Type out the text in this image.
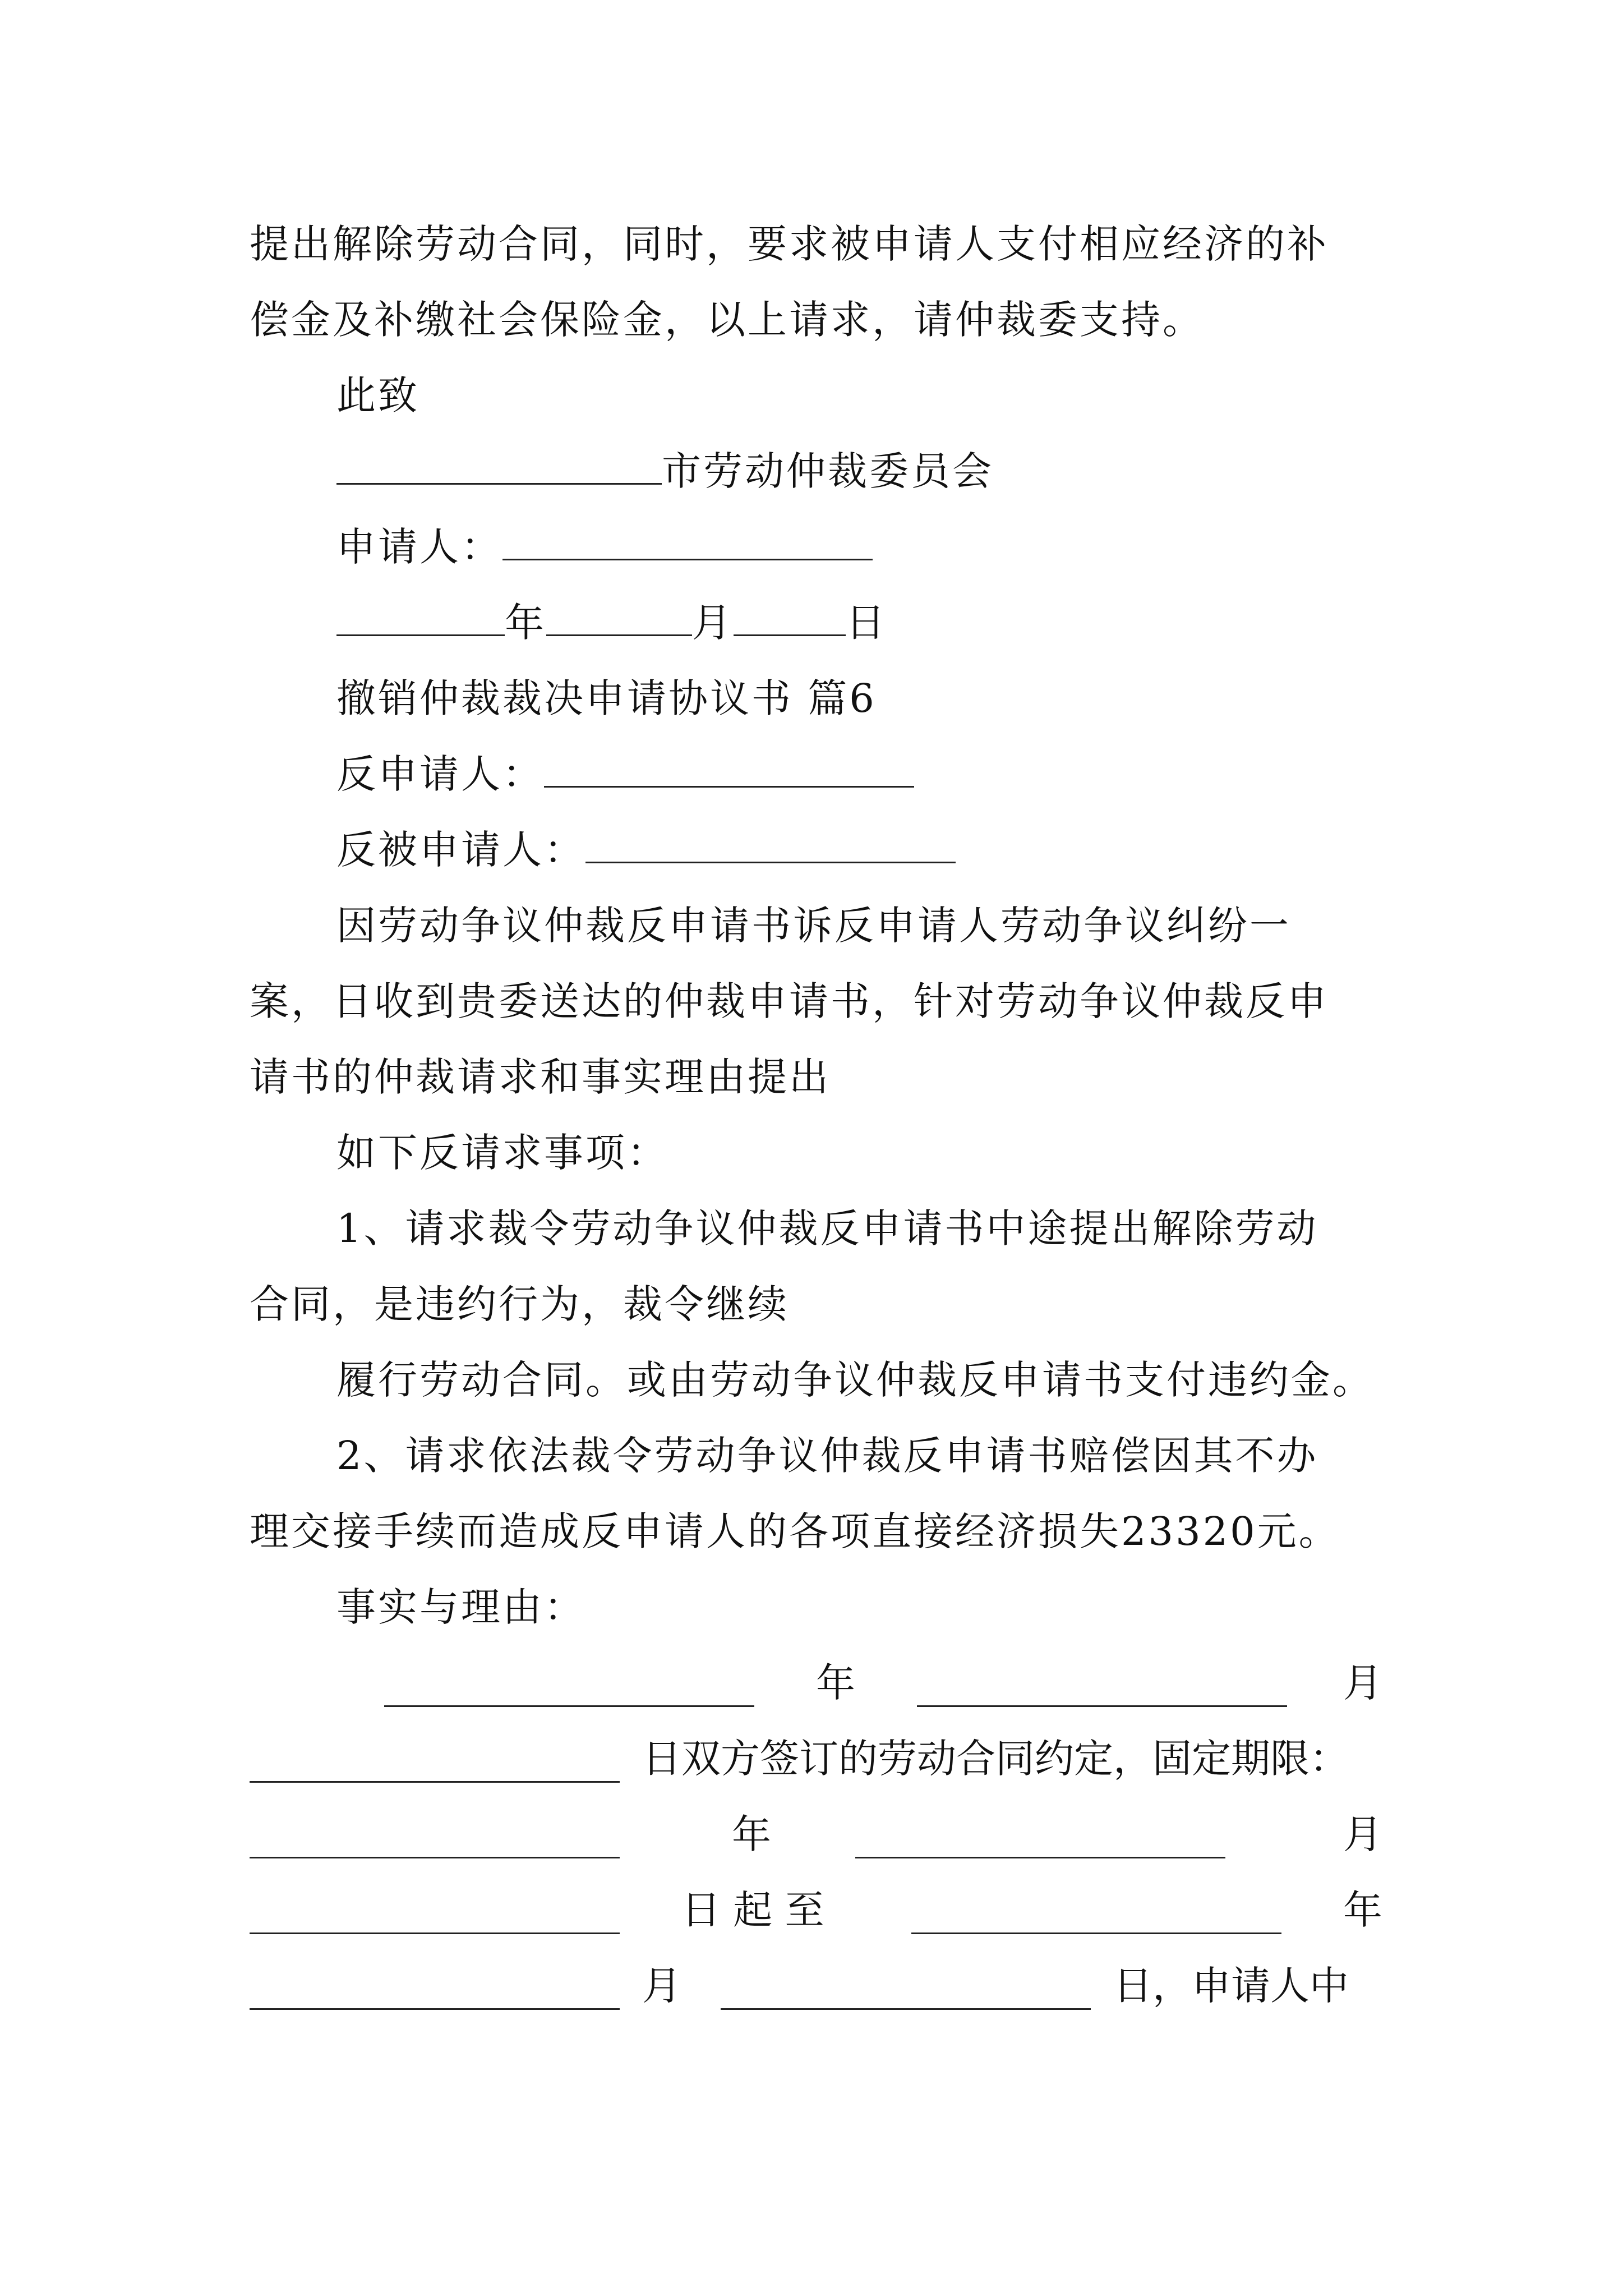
提出解除劳动合同，同时，要求被申请人支付相应经济的补
偿金及补缴社会保险金，以上请求，请仲裁委支持。
此致
市劳动仲裁委员会
申请人：
年	月	日
撤销仲裁裁决申请协议书 篇6
反申请人：
反被申请人：
因劳动争议仲裁反申请书诉反申请人劳动争议纠纷一
案，日收到贵委送达的仲裁申请书，针对劳动争议仲裁反申
请书的仲裁请求和事实理由提出
如下反请求事项：
1、请求裁令劳动争议仲裁反申请书中途提出解除劳动
合同，是违约行为，裁令继续
履行劳动合同。或由劳动争议仲裁反申请书支付违约金。
2、请求依法裁令劳动争议仲裁反申请书赔偿因其不办
理交接手续而造成反申请人的各项直接经济损失23320元。
事实与理由：
年	月
日双方签订的劳动合同约定，固定期限：
年	月
日 起 至	年
月	日，申请人中
